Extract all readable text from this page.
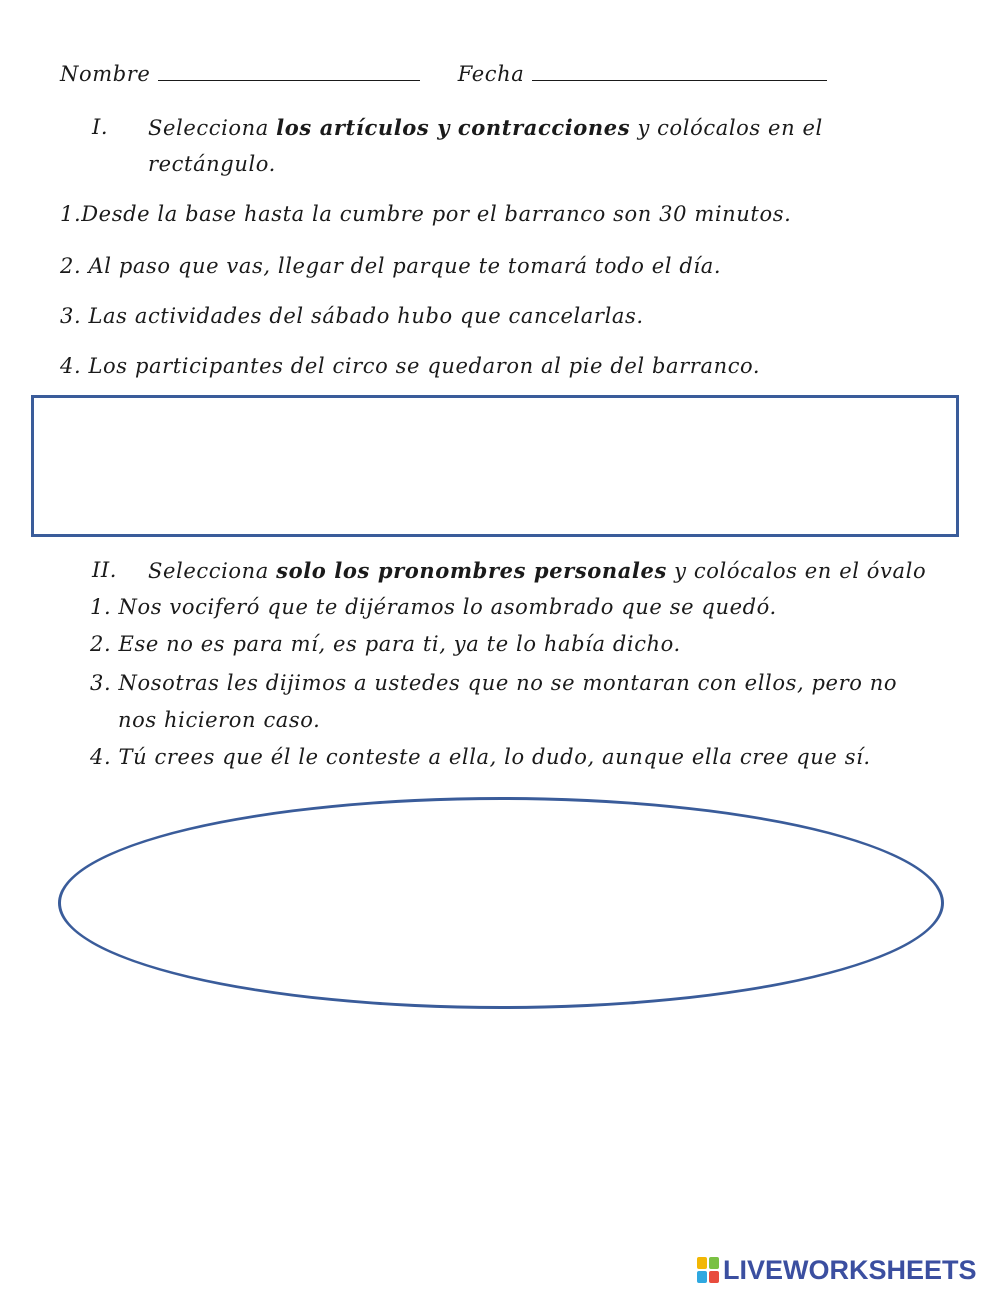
Nombre	Fecha
I. Selecciona los artículos y contracciones y colócalos en el
rectángulo.
1.Desde la base hasta la cumbre por el barranco son 30 minutos.
2. Al paso que vas, llegar del parque te tomará todo el día.
3. Las actividades del sábado hubo que cancelarlas.
4. Los participantes del circo se quedaron al pie del barranco.
II. Selecciona solo los pronombres personales y colócalos en el óvalo
1. Nos vociferó que te dijéramos lo asombrado que se quedó.
2. Ese no es para mí, es para ti, ya te lo había dicho.
3. Nosotras les dijimos a ustedes que no se montaran con ellos, pero no
nos hicieron caso.
4. Tú crees que él le conteste a ella, lo dudo, aunque ella cree que sí.
LIVEWORKSHEETS
